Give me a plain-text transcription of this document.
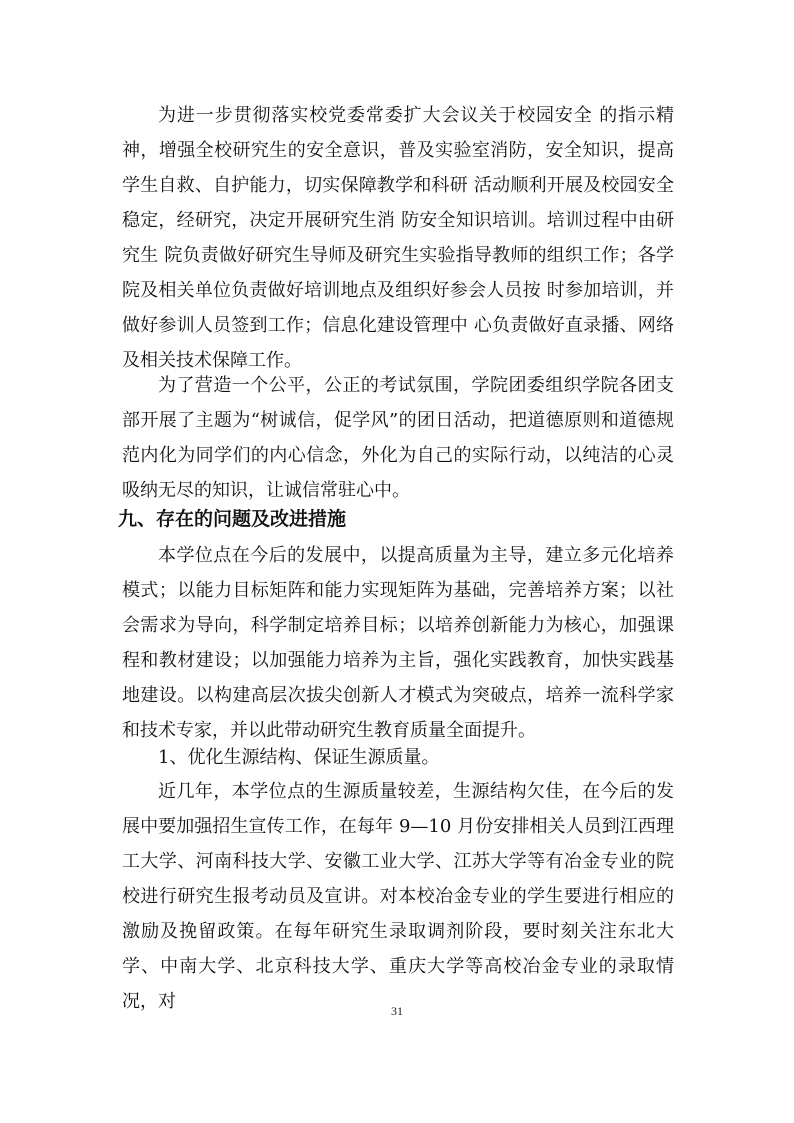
为进一步贯彻落实校党委常委扩大会议关于校园安全 的指示精神，增强全校研究生的安全意识，普及实验室消防，安全知识，提高学生自救、自护能力，切实保障教学和科研 活动顺利开展及校园安全稳定，经研究，决定开展研究生消 防安全知识培训。培训过程中由研究生 院负责做好研究生导师及研究生实验指导教师的组织工作；各学院及相关单位负责做好培训地点及组织好参会人员按 时参加培训，并做好参训人员签到工作；信息化建设管理中 心负责做好直录播、网络及相关技术保障工作。

为了营造一个公平，公正的考试氛围，学院团委组织学院各团支部开展了主题为“树诚信，促学风”的团日活动，把道德原则和道德规范内化为同学们的内心信念，外化为自己的实际行动，以纯洁的心灵吸纳无尽的知识，让诚信常驻心中。

九、存在的问题及改进措施

本学位点在今后的发展中，以提高质量为主导，建立多元化培养模式；以能力目标矩阵和能力实现矩阵为基础，完善培养方案；以社会需求为导向，科学制定培养目标；以培养创新能力为核心，加强课程和教材建设；以加强能力培养为主旨，强化实践教育，加快实践基地建设。以构建高层次拔尖创新人才模式为突破点，培养一流科学家和技术专家，并以此带动研究生教育质量全面提升。

1、优化生源结构、保证生源质量。

近几年，本学位点的生源质量较差，生源结构欠佳，在今后的发展中要加强招生宣传工作，在每年 9—10 月份安排相关人员到江西理工大学、河南科技大学、安徽工业大学、江苏大学等有冶金专业的院校进行研究生报考动员及宣讲。对本校冶金专业的学生要进行相应的激励及挽留政策。在每年研究生录取调剂阶段，要时刻关注东北大学、中南大学、北京科技大学、重庆大学等高校冶金专业的录取情况，对	31
